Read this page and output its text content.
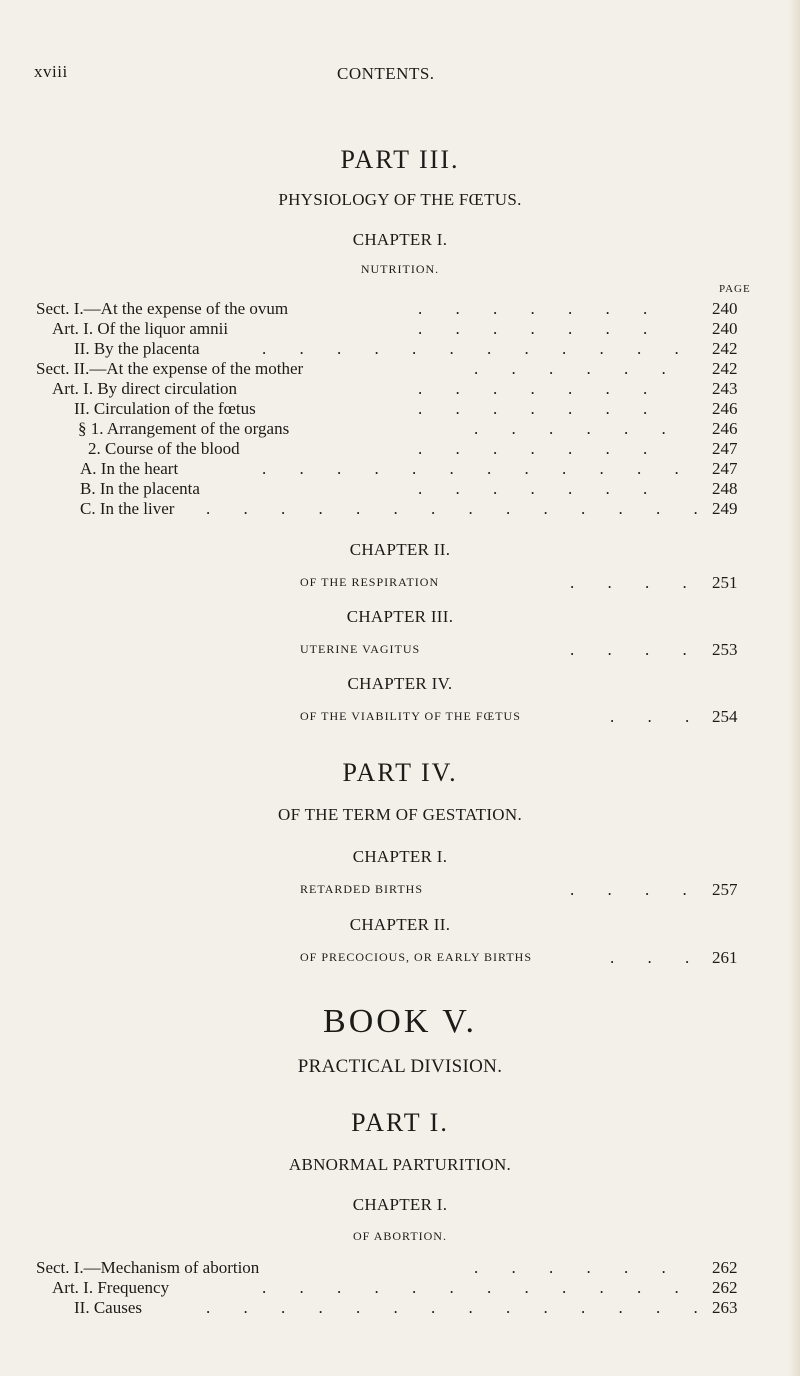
xviii	CONTENTS.
PART III.
PHYSIOLOGY OF THE FŒTUS.
CHAPTER I.
NUTRITION.
PAGE
Sect. I.—At the expense of the ovum	.     .     .     .     .     .     .	240
Art. I. Of the liquor amnii	.     .     .     .     .     .     .	240
II. By the placenta	.     .     .     .     .     .     .     .     .     .     .     . 242
Sect. II.—At the expense of the mother	.     .     .     .     .     .	242
Art. I. By direct circulation	.     .     .     .     .     .     .	243
II. Circulation of the fœtus	.     .     .     .     .     .     .	246
§ 1. Arrangement of the organs	.     .     .     .     .     .	246
2. Course of the blood	.     .     .     .     .     .     .	247
A. In the heart	.     .     .     .     .     .     .     .     .     .     .     . 247
B. In the placenta	.     .     .     .     .     .     .	248
C. In the liver .     .     .     .     .     .     .     .     .     .     .     .     .     . 249
CHAPTER II.
OF THE RESPIRATION	.     .     .     . 251
CHAPTER III.
UTERINE VAGITUS	.     .     .     . 253
CHAPTER IV.
OF THE VIABILITY OF THE FŒTUS	.     .     . 254
PART IV.
OF THE TERM OF GESTATION.
CHAPTER I.
RETARDED BIRTHS	.     .     .     . 257
CHAPTER II.
OF PRECOCIOUS, OR EARLY BIRTHS	.     .     . 261
BOOK V.
PRACTICAL DIVISION.
PART I.
ABNORMAL PARTURITION.
CHAPTER I.
OF ABORTION.
Sect. I.—Mechanism of abortion	.     .     .     .     .     .	262
Art. I. Frequency	.     .     .     .     .     .     .     .     .     .     .     . 262
II. Causes	.     .     .     .     .     .     .     .     .     .     .     .     .     . 263
